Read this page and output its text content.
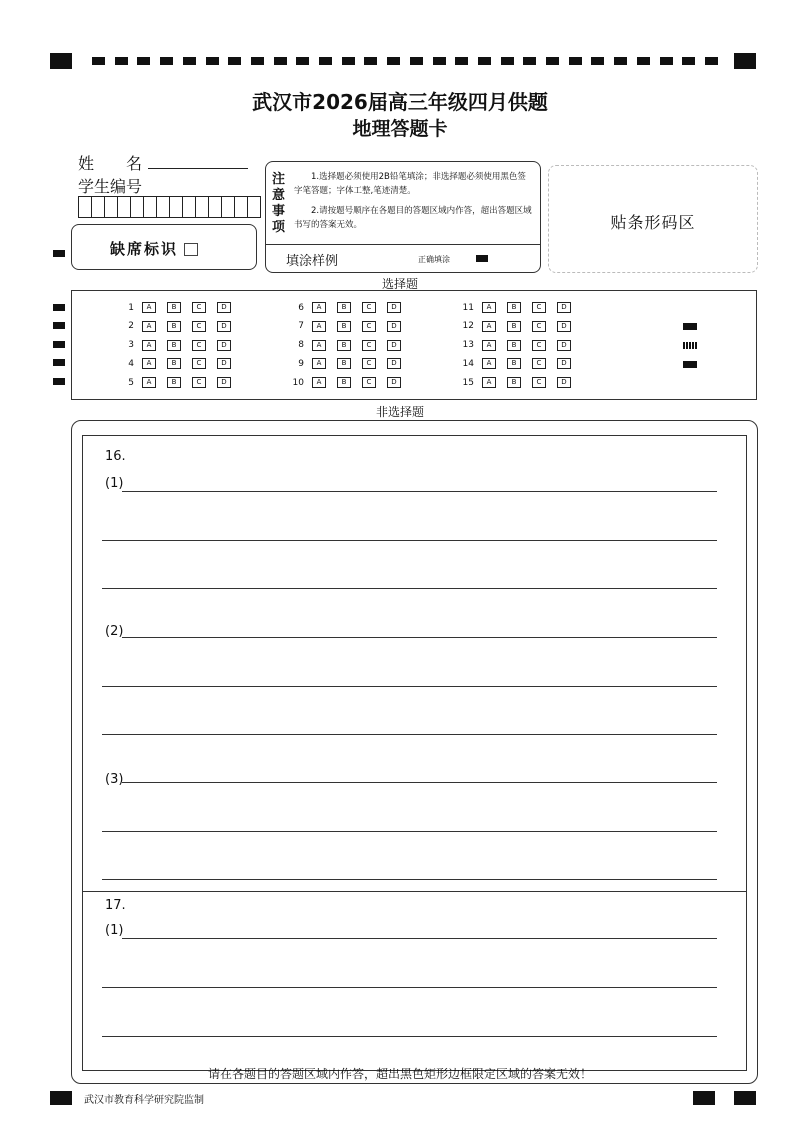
武汉市2026届高三年级四月供题
地理答题卡
姓　　名
学生编号
缺席标识
注意事项
1.选择题必须使用2B铅笔填涂；非选择题必须使用黑色签字笔答题；字体工整,笔迹清楚。
2.请按题号顺序在各题目的答题区域内作答，超出答题区域书写的答案无效。
填涂样例	正确填涂
贴条形码区
选择题
1	A	B	C	D
2	A	B	C	D
3	A	B	C	D
4	A	B	C	D
5	A	B	C	D
6	A	B	C	D
7	A	B	C	D
8	A	B	C	D
9	A	B	C	D
10	A	B	C	D
11	A	B	C	D
12	A	B	C	D
13	A	B	C	D
14	A	B	C	D
15	A	B	C	D
非选择题
16.
(1)
(2)
(3)
17.
(1)
请在各题目的答题区域内作答，超出黑色矩形边框限定区域的答案无效！
武汉市教育科学研究院监制
